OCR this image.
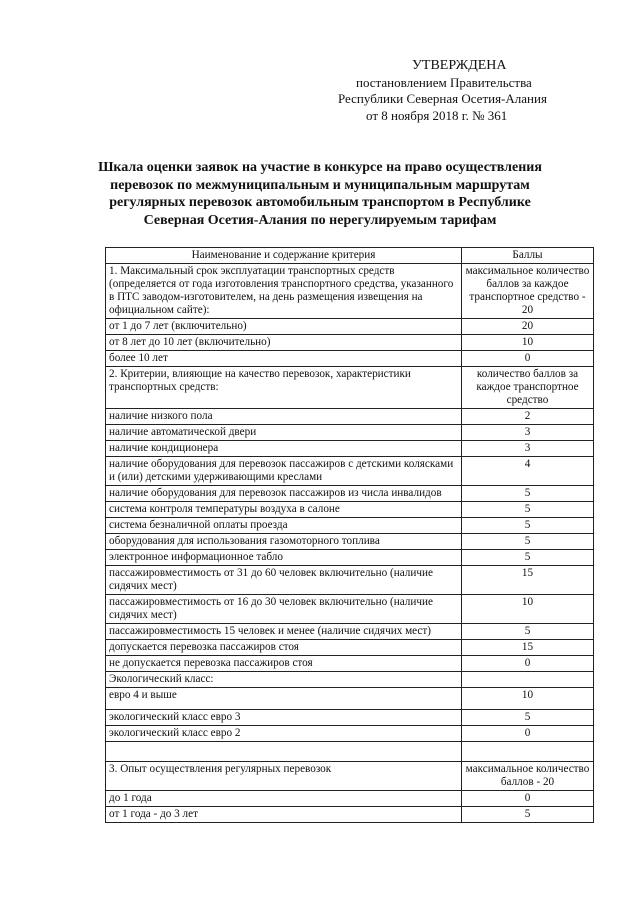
УТВЕРЖДЕНА
постановлением Правительства
Республики Северная Осетия-Алания
от 8 ноября 2018 г. № 361
Шкала оценки заявок на участие в конкурсе на право осуществления
перевозок по межмуниципальным и муниципальным маршрутам
регулярных перевозок автомобильным транспортом в Республике
Северная Осетия-Алания по нерегулируемым тарифам
Наименование и содержание критерия	Баллы
1. Максимальный срок эксплуатации транспортных средств (определяется от года изготовления транспортного средства, указанного в ПТС заводом-изготовителем, на день размещения извещения на официальном сайте):	максимальное количество баллов за каждое транспортное средство - 20
от 1 до 7 лет (включительно)	20
от 8 лет до 10 лет (включительно)	10
более 10 лет	0
2. Критерии, влияющие на качество перевозок, характеристики транспортных средств:	количество баллов за каждое транспортное средство
наличие низкого пола	2
наличие автоматической двери	3
наличие кондиционера	3
наличие оборудования для перевозок пассажиров с детскими колясками и (или) детскими удерживающими креслами	4
наличие оборудования для перевозок пассажиров из числа инвалидов	5
система контроля температуры воздуха в салоне	5
система безналичной оплаты проезда	5
оборудования для использования газомоторного топлива	5
электронное информационное табло	5
пассажировместимость от 31 до 60 человек включительно (наличие сидячих мест)	15
пассажировместимость от 16 до 30 человек включительно (наличие сидячих мест)	10
пассажировместимость 15 человек и менее (наличие сидячих мест)	5
допускается перевозка пассажиров стоя	15
не допускается перевозка пассажиров стоя	0
Экологический класс:	
евро 4 и выше	10
экологический класс евро 3	5
экологический класс евро 2	0

3. Опыт осуществления регулярных перевозок	максимальное количество баллов - 20
до 1 года	0
от 1 года - до 3 лет	5
